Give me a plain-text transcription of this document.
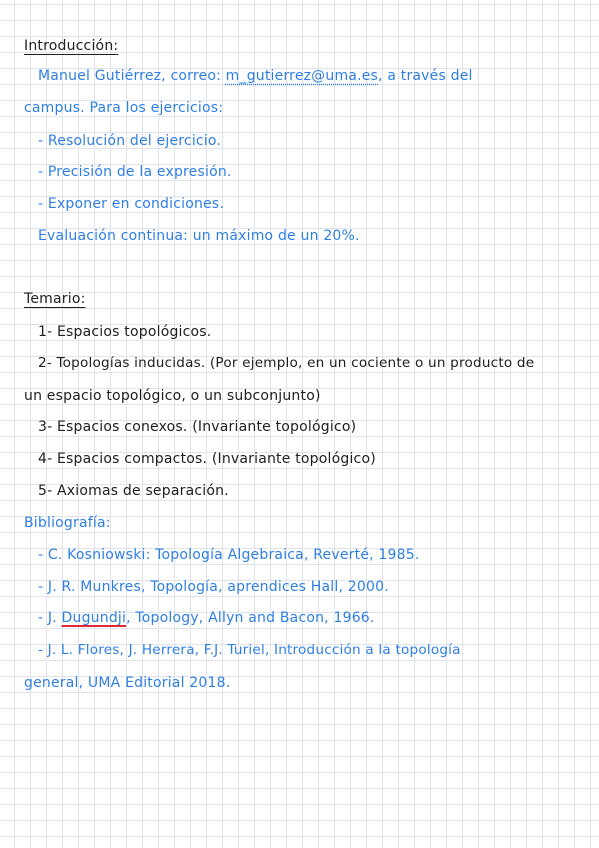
Introducción:
Manuel Gutiérrez, correo: m_gutierrez@uma.es, a través del
campus. Para los ejercicios:
- Resolución del ejercicio.
- Precisión de la expresión.
- Exponer en condiciones.
Evaluación continua: un máximo de un 20%.
Temario:
1- Espacios topológicos.
2- Topologías inducidas. (Por ejemplo, en un cociente o un producto de
un espacio topológico, o un subconjunto)
3- Espacios conexos. (Invariante topológico)
4- Espacios compactos. (Invariante topológico)
5- Axiomas de separación.
Bibliografía:
- C. Kosniowski: Topología Algebraica, Reverté, 1985.
- J. R. Munkres, Topología, aprendices Hall, 2000.
- J. Dugundji, Topology, Allyn and Bacon, 1966.
- J. L. Flores, J. Herrera, F.J. Turiel, Introducción a la topología
general, UMA Editorial 2018.
